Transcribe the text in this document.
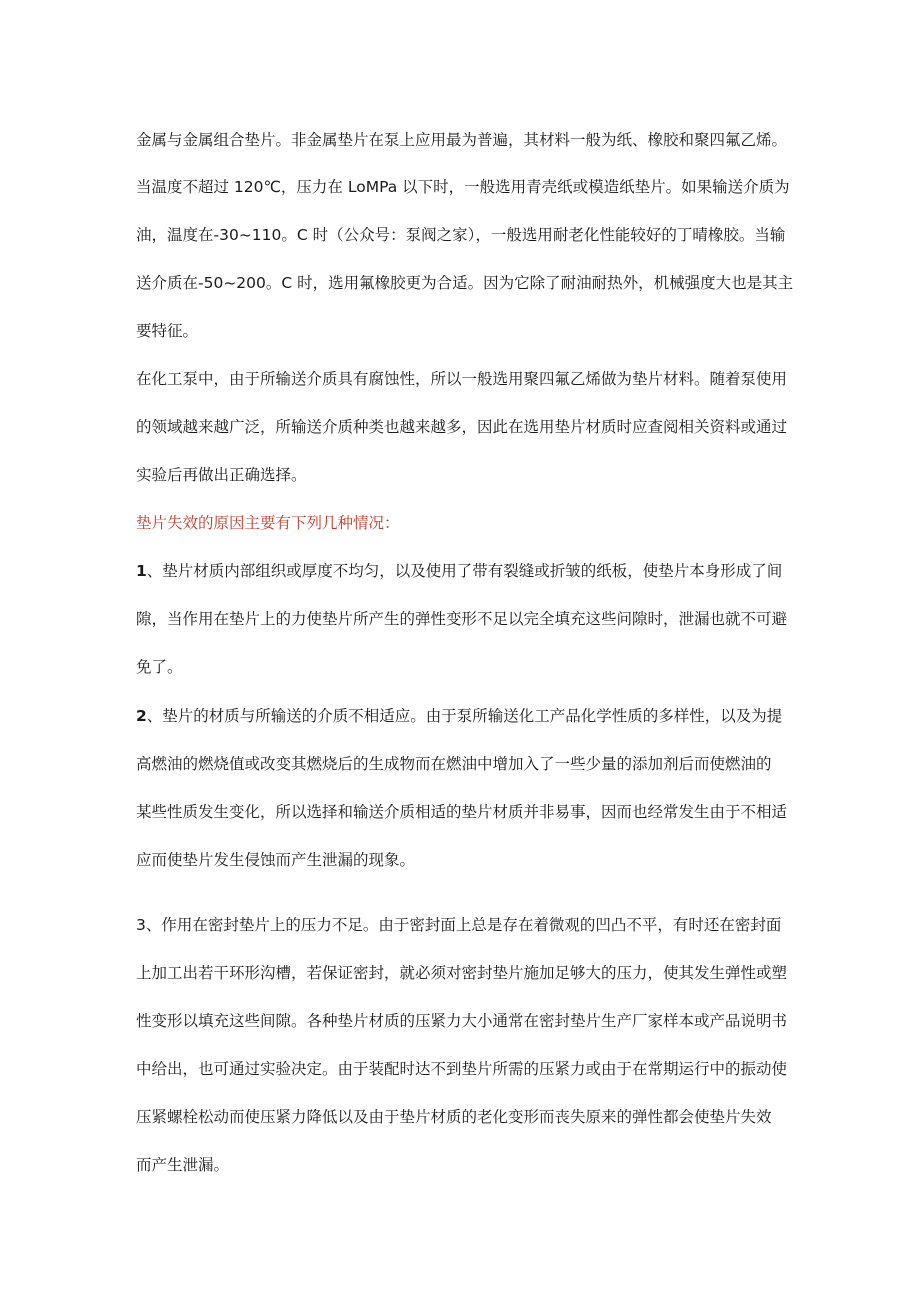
金属与金属组合垫片。非金属垫片在泵上应用最为普遍，其材料一般为纸、橡胶和聚四氟乙烯。
当温度不超过 120℃，压力在 LoMPa 以下时，一般选用青壳纸或模造纸垫片。如果输送介质为
油，温度在-30~110。C 时（公众号：泵阀之家），一般选用耐老化性能较好的丁晴橡胶。当输
送介质在-50~200。C 时，选用氟橡胶更为合适。因为它除了耐油耐热外，机械强度大也是其主
要特征。
在化工泵中，由于所输送介质具有腐蚀性，所以一般选用聚四氟乙烯做为垫片材料。随着泵使用
的领域越来越广泛，所输送介质种类也越来越多，因此在选用垫片材质时应查阅相关资料或通过
实验后再做出正确选择。
垫片失效的原因主要有下列几种情况：
1、垫片材质内部组织或厚度不均匀，以及使用了带有裂缝或折皱的纸板，使垫片本身形成了间
隙，当作用在垫片上的力使垫片所产生的弹性变形不足以完全填充这些问隙时，泄漏也就不可避
免了。
2、垫片的材质与所输送的介质不相适应。由于泵所输送化工产品化学性质的多样性，以及为提
高燃油的燃烧值或改变其燃烧后的生成物而在燃油中增加入了一些少量的添加剂后而使燃油的
某些性质发生变化，所以选择和输送介质相适的垫片材质并非易事，因而也经常发生由于不相适
应而使垫片发生侵蚀而产生泄漏的现象。
3、作用在密封垫片上的压力不足。由于密封面上总是存在着微观的凹凸不平，有时还在密封面
上加工出若干环形沟槽，若保证密封，就必须对密封垫片施加足够大的压力，使其发生弹性或塑
性变形以填充这些间隙。各种垫片材质的压紧力大小通常在密封垫片生产厂家样本或产品说明书
中给出，也可通过实验决定。由于装配时达不到垫片所需的压紧力或由于在常期运行中的振动使
压紧螺栓松动而使压紧力降低以及由于垫片材质的老化变形而丧失原来的弹性都会使垫片失效
而产生泄漏。
